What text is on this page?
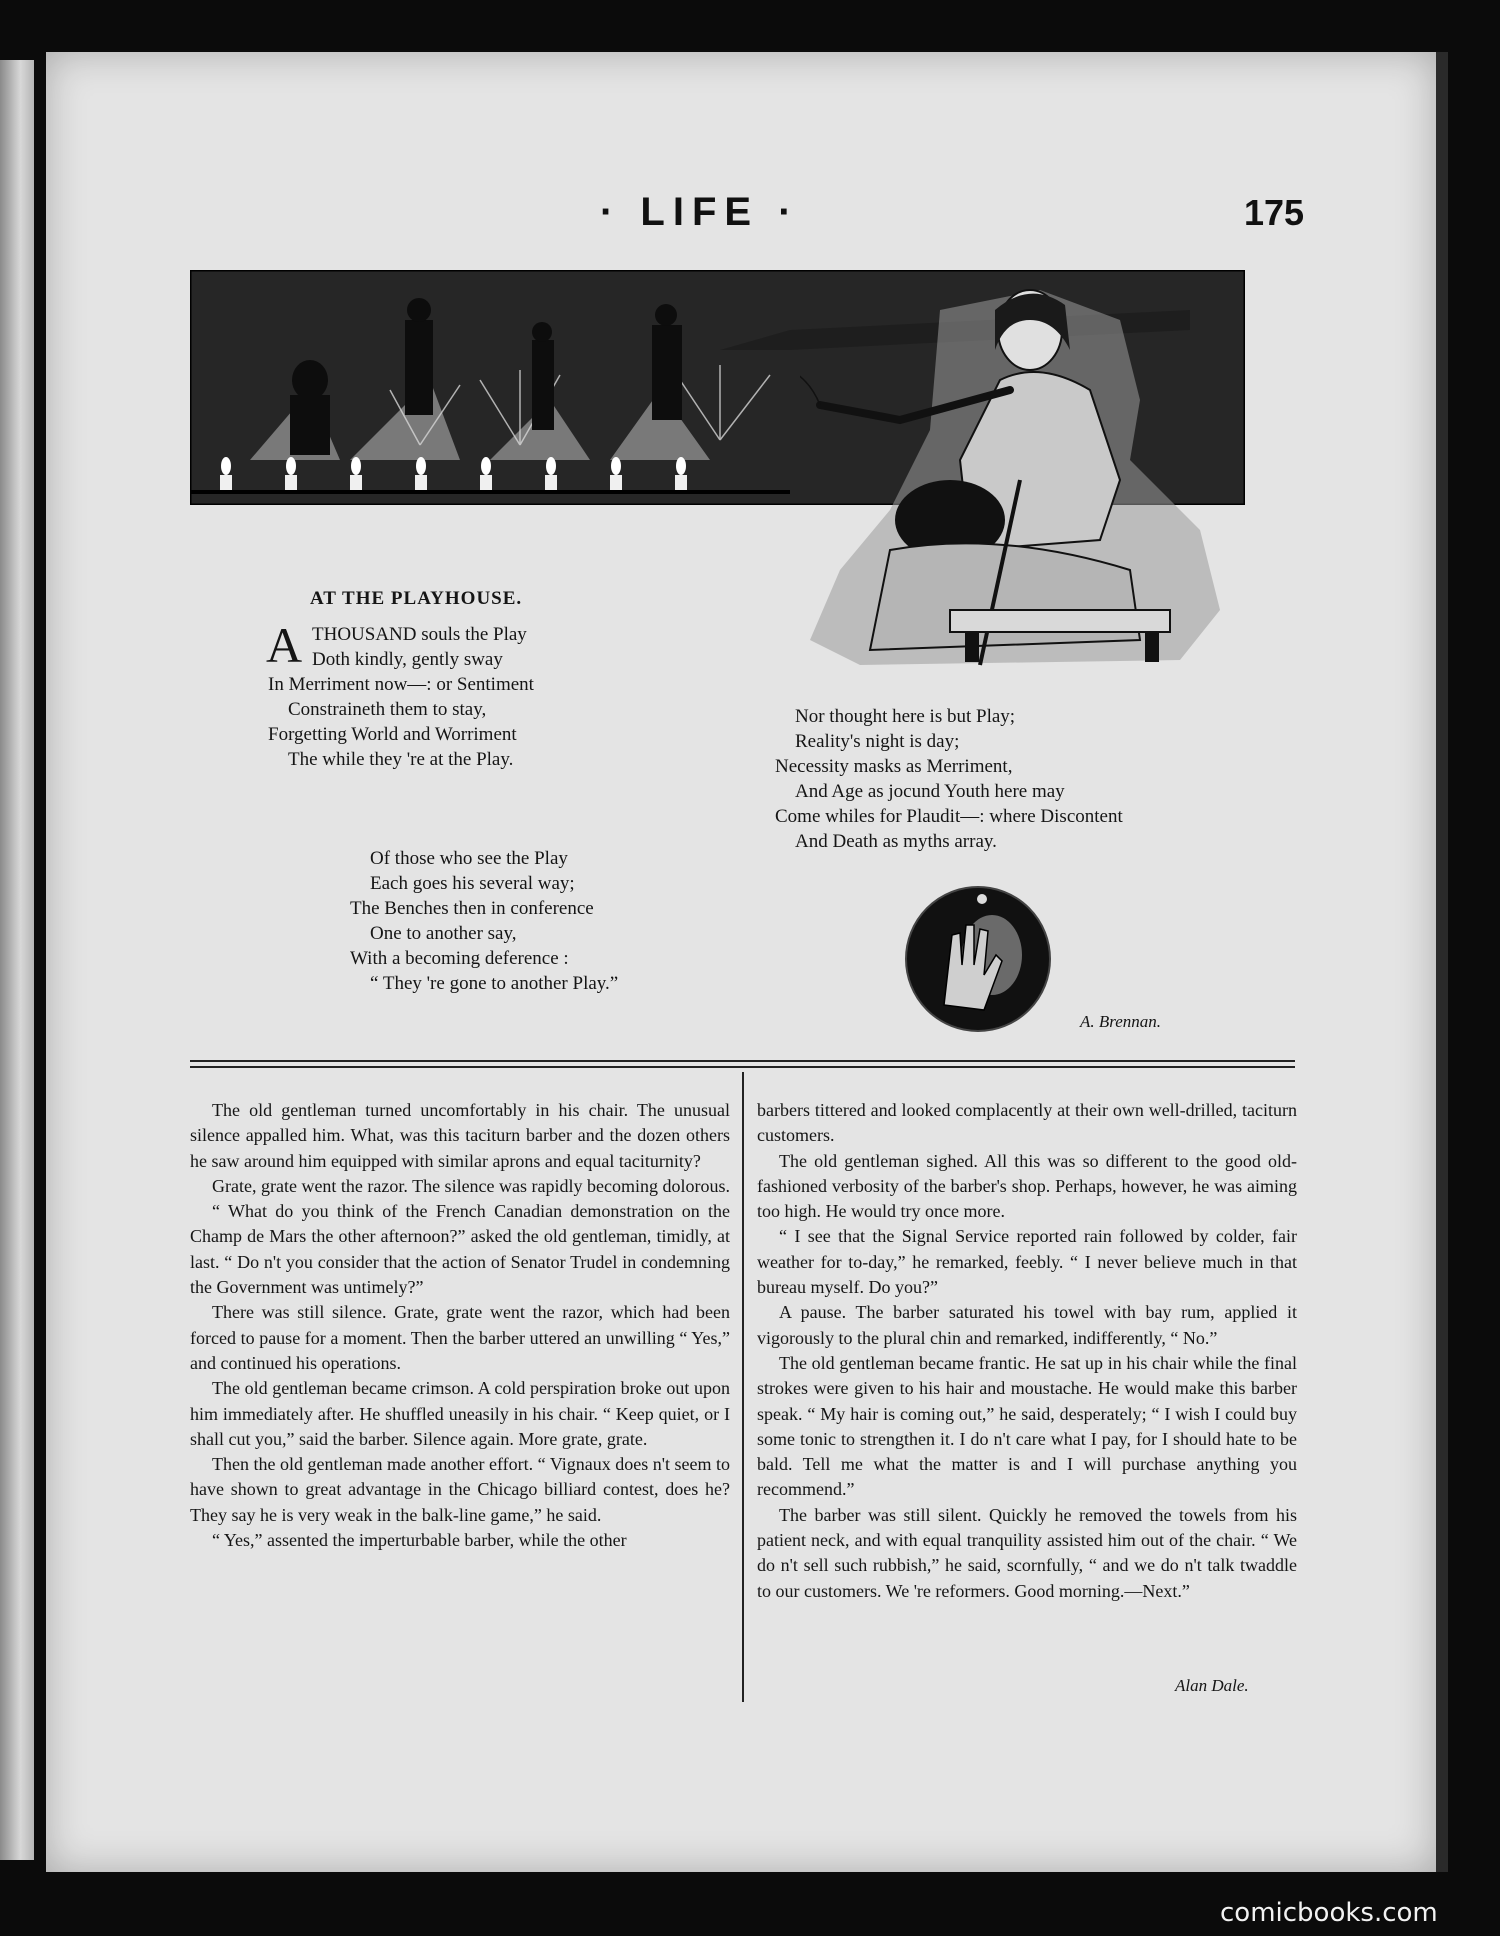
· LIFE ·	175
AT THE PLAYHOUSE.
A THOUSAND souls the Play
Doth kindly, gently sway
In Merriment now—: or Sentiment
Constraineth them to stay,
Forgetting World and Worriment
The while they 're at the Play.
Of those who see the Play
Each goes his several way;
The Benches then in conference
One to another say,
With a becoming deference :
“ They 're gone to another Play.”
Nor thought here is but Play;
Reality's night is day;
Necessity masks as Merriment,
And Age as jocund Youth here may
Come whiles for Plaudit—: where Discontent
And Death as myths array.
A. Brennan.

The old gentleman turned uncomfortably in his chair. The unusual silence appalled him. What, was this taciturn barber and the dozen others he saw around him equipped with similar aprons and equal taciturnity?

Grate, grate went the razor. The silence was rapidly becoming dolorous.

“ What do you think of the French Canadian demonstration on the Champ de Mars the other afternoon?” asked the old gentleman, timidly, at last. “ Do n't you consider that the action of Senator Trudel in condemning the Government was untimely?”

There was still silence. Grate, grate went the razor, which had been forced to pause for a moment. Then the barber uttered an unwilling “ Yes,” and continued his operations.

The old gentleman became crimson. A cold perspiration broke out upon him immediately after. He shuffled uneasily in his chair. “ Keep quiet, or I shall cut you,” said the barber. Silence again. More grate, grate.

Then the old gentleman made another effort. “ Vignaux does n't seem to have shown to great advantage in the Chicago billiard contest, does he? They say he is very weak in the balk-line game,” he said.

“ Yes,” assented the imperturbable barber, while the other

barbers tittered and looked complacently at their own well-drilled, taciturn customers.

The old gentleman sighed. All this was so different to the good old-fashioned verbosity of the barber's shop. Perhaps, however, he was aiming too high. He would try once more.

“ I see that the Signal Service reported rain followed by colder, fair weather for to-day,” he remarked, feebly. “ I never believe much in that bureau myself. Do you?”

A pause. The barber saturated his towel with bay rum, applied it vigorously to the plural chin and remarked, indifferently, “ No.”

The old gentleman became frantic. He sat up in his chair while the final strokes were given to his hair and moustache. He would make this barber speak. “ My hair is coming out,” he said, desperately; “ I wish I could buy some tonic to strengthen it. I do n't care what I pay, for I should hate to be bald. Tell me what the matter is and I will purchase anything you recommend.”

The barber was still silent. Quickly he removed the towels from his patient neck, and with equal tranquility assisted him out of the chair. “ We do n't sell such rubbish,” he said, scornfully, “ and we do n't talk twaddle to our customers. We 're reformers. Good morning.—Next.”

Alan Dale.
comicbooks.com
